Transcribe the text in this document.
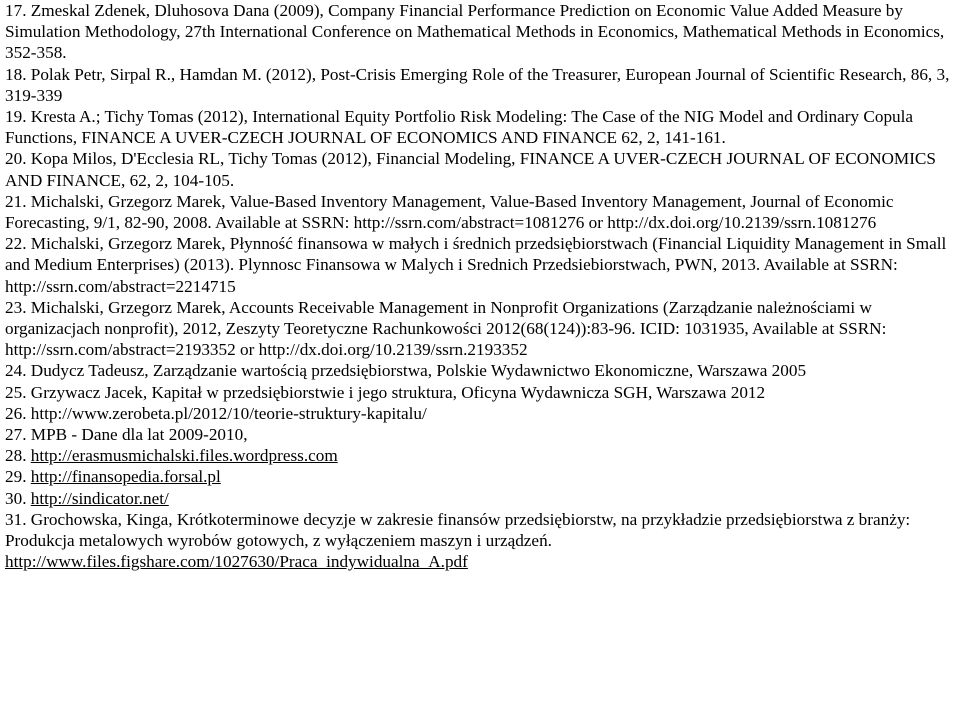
17. Zmeskal Zdenek, Dluhosova Dana (2009), Company Financial Performance Prediction on Economic Value Added Measure by Simulation Methodology, 27th International Conference on Mathematical Methods in Economics, Mathematical Methods in Economics, 352-358.

18. Polak Petr, Sirpal R., Hamdan M. (2012), Post-Crisis Emerging Role of the Treasurer, European Journal of Scientific Research, 86, 3, 319-339

19. Kresta A.; Tichy Tomas (2012), International Equity Portfolio Risk Modeling: The Case of the NIG Model and Ordinary Copula Functions, FINANCE A UVER-CZECH JOURNAL OF ECONOMICS AND FINANCE 62, 2, 141-161.

20. Kopa Milos, D'Ecclesia RL, Tichy Tomas (2012), Financial Modeling, FINANCE A UVER-CZECH JOURNAL OF ECONOMICS AND FINANCE, 62, 2, 104-105.

21. Michalski, Grzegorz Marek, Value-Based Inventory Management, Value-Based Inventory Management, Journal of Economic Forecasting, 9/1, 82-90, 2008. Available at SSRN: http://ssrn.com/abstract=1081276 or http://dx.doi.org/10.2139/ssrn.1081276

22. Michalski, Grzegorz Marek, Płynność finansowa w małych i średnich przedsiębiorstwach (Financial Liquidity Management in Small and Medium Enterprises) (2013). Plynnosc Finansowa w Malych i Srednich Przedsiebiorstwach, PWN, 2013. Available at SSRN: http://ssrn.com/abstract=2214715

23. Michalski, Grzegorz Marek, Accounts Receivable Management in Nonprofit Organizations (Zarządzanie należnościami w organizacjach nonprofit), 2012, Zeszyty Teoretyczne Rachunkowości 2012(68(124)):83-96. ICID: 1031935, Available at SSRN: http://ssrn.com/abstract=2193352 or http://dx.doi.org/10.2139/ssrn.2193352

24. Dudycz Tadeusz, Zarządzanie wartością przedsiębiorstwa, Polskie Wydawnictwo Ekonomiczne, Warszawa 2005

25. Grzywacz Jacek, Kapitał w przedsiębiorstwie i jego struktura, Oficyna Wydawnicza SGH, Warszawa 2012

26. http://www.zerobeta.pl/2012/10/teorie-struktury-kapitalu/

27. MPB - Dane dla lat 2009-2010,

28. http://erasmusmichalski.files.wordpress.com

29. http://finansopedia.forsal.pl

30. http://sindicator.net/

31. Grochowska, Kinga, Krótkoterminowe decyzje w zakresie finansów przedsiębiorstw, na przykładzie przedsiębiorstwa z branży: Produkcja metalowych wyrobów gotowych, z wyłączeniem maszyn i urządzeń.
http://www.files.figshare.com/1027630/Praca_indywidualna_A.pdf
